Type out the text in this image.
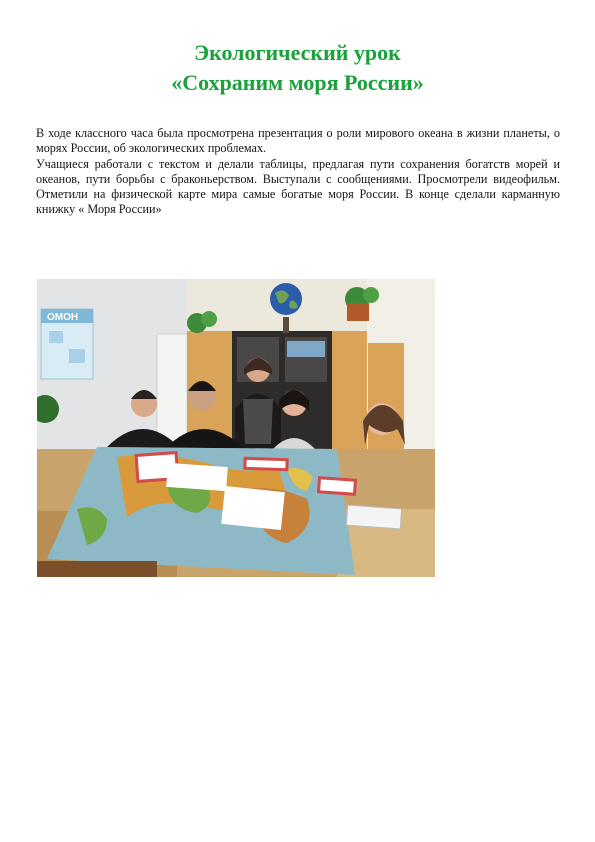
Экологический урок
«Сохраним моря России»

В ходе классного часа была просмотрена презентация о роли мирового океана в жизни планеты, о морях России, об экологических проблемах.

Учащиеся работали с текстом и делали таблицы, предлагая пути сохранения богатств морей и океанов, пути борьбы с браконьерством. Выступали с сообщениями. Просмотрели видеофильм. Отметили на физической карте мира самые богатые моря России. В конце сделали карманную книжку « Моря России»

ОМОН
